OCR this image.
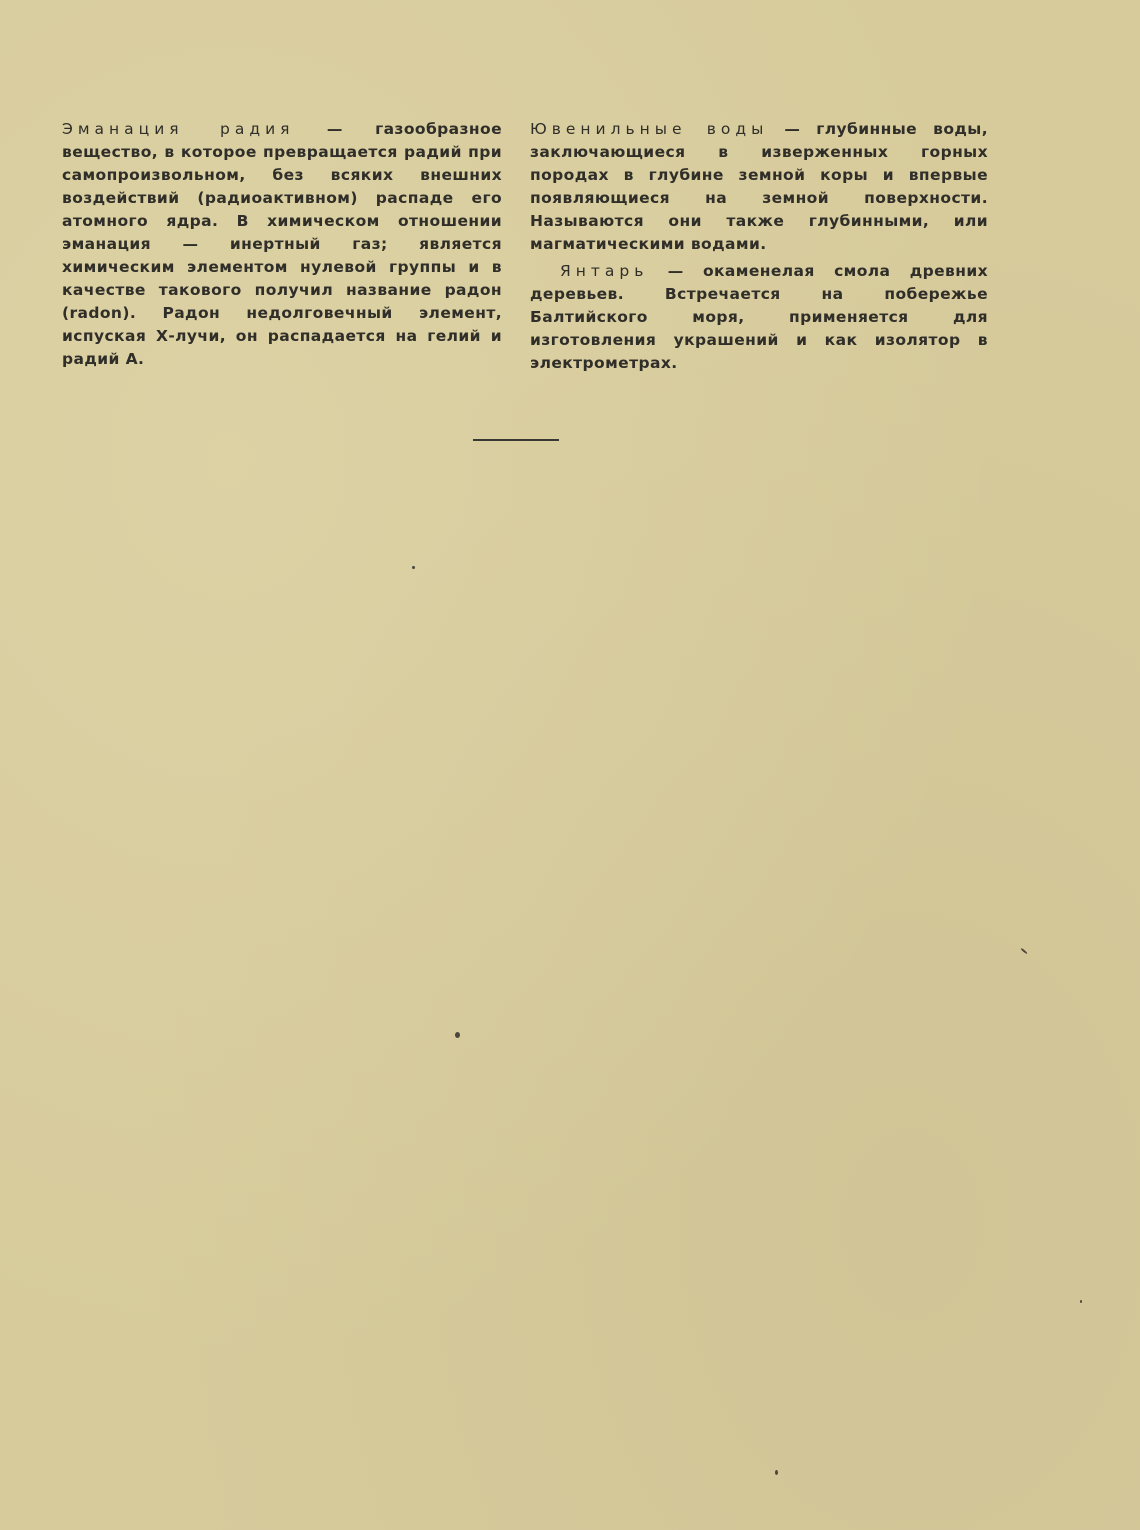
Эманация радия — газообразное вещество, в которое превращается радий при самопроизвольном, без всяких внешних воздействий (радиоактивном) распаде его атомного ядра. В химическом отношении эманация — инертный газ; является химическим элементом нулевой группы и в качестве такового получил название радон (radon). Радон недолговечный элемент, испуская Х-лучи, он распадается на гелий и радий А.

Ювенильные воды — глубинные воды, заключающиеся в изверженных горных породах в глубине земной коры и впервые появляющиеся на земной поверхности. Называются они также глубинными, или магматическими водами.

Янтарь — окаменелая смола древних деревьев. Встречается на побережье Балтийского моря, применяется для изготовления украшений и как изолятор в электрометрах.
